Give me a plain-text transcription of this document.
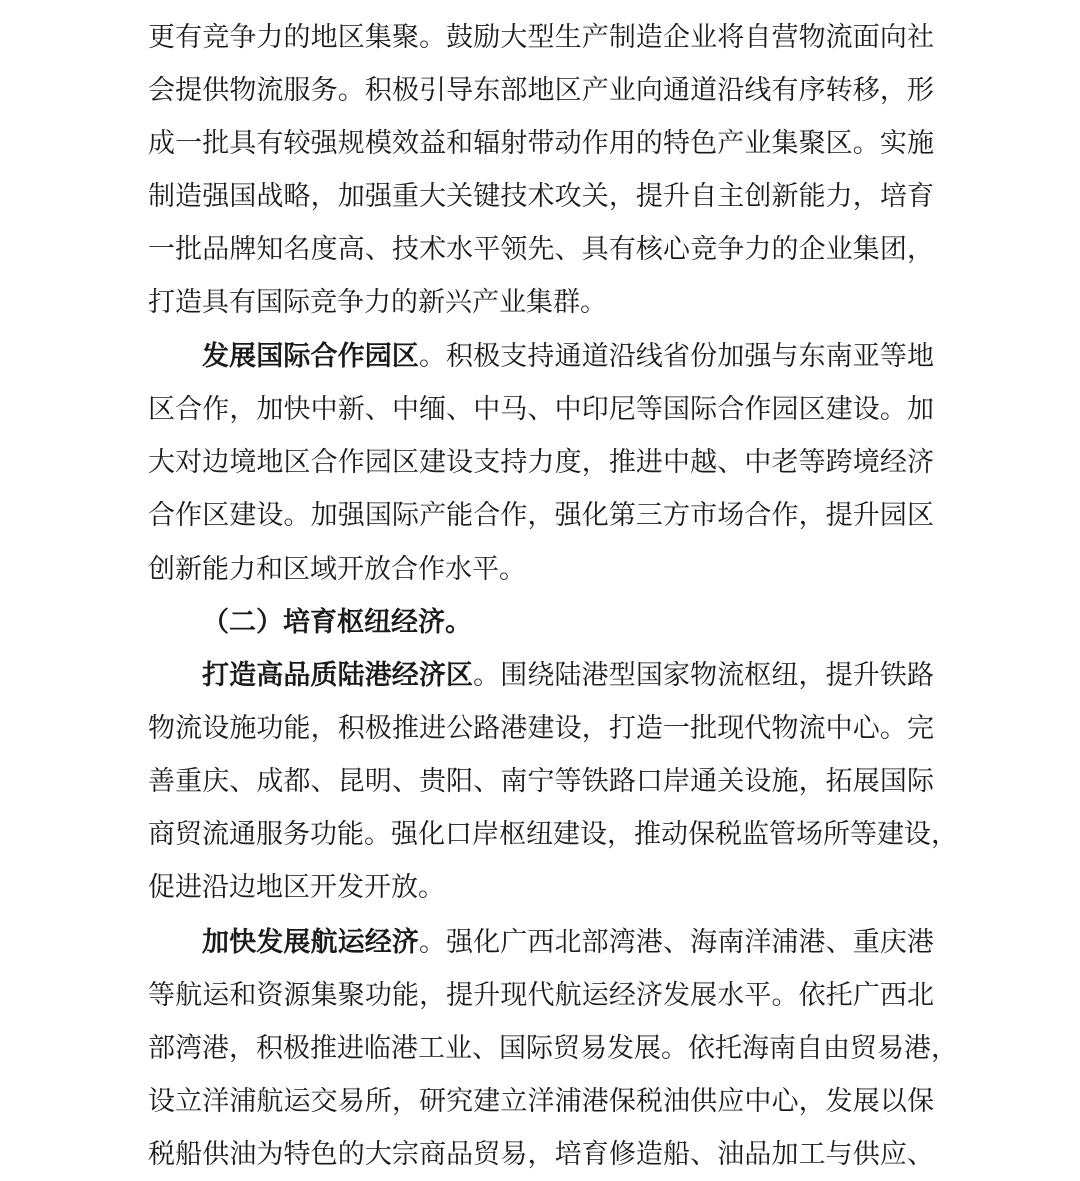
更有竞争力的地区集聚。鼓励大型生产制造企业将自营物流面向社
会提供物流服务。积极引导东部地区产业向通道沿线有序转移，形
成一批具有较强规模效益和辐射带动作用的特色产业集聚区。实施
制造强国战略，加强重大关键技术攻关，提升自主创新能力，培育
一批品牌知名度高、技术水平领先、具有核心竞争力的企业集团，
打造具有国际竞争力的新兴产业集群。
发展国际合作园区。积极支持通道沿线省份加强与东南亚等地
区合作，加快中新、中缅、中马、中印尼等国际合作园区建设。加
大对边境地区合作园区建设支持力度，推进中越、中老等跨境经济
合作区建设。加强国际产能合作，强化第三方市场合作，提升园区
创新能力和区域开放合作水平。
（二）培育枢纽经济。
打造高品质陆港经济区。围绕陆港型国家物流枢纽，提升铁路
物流设施功能，积极推进公路港建设，打造一批现代物流中心。完
善重庆、成都、昆明、贵阳、南宁等铁路口岸通关设施，拓展国际
商贸流通服务功能。强化口岸枢纽建设，推动保税监管场所等建设，
促进沿边地区开发开放。
加快发展航运经济。强化广西北部湾港、海南洋浦港、重庆港
等航运和资源集聚功能，提升现代航运经济发展水平。依托广西北
部湾港，积极推进临港工业、国际贸易发展。依托海南自由贸易港，
设立洋浦航运交易所，研究建立洋浦港保税油供应中心，发展以保
税船供油为特色的大宗商品贸易，培育修造船、油品加工与供应、
